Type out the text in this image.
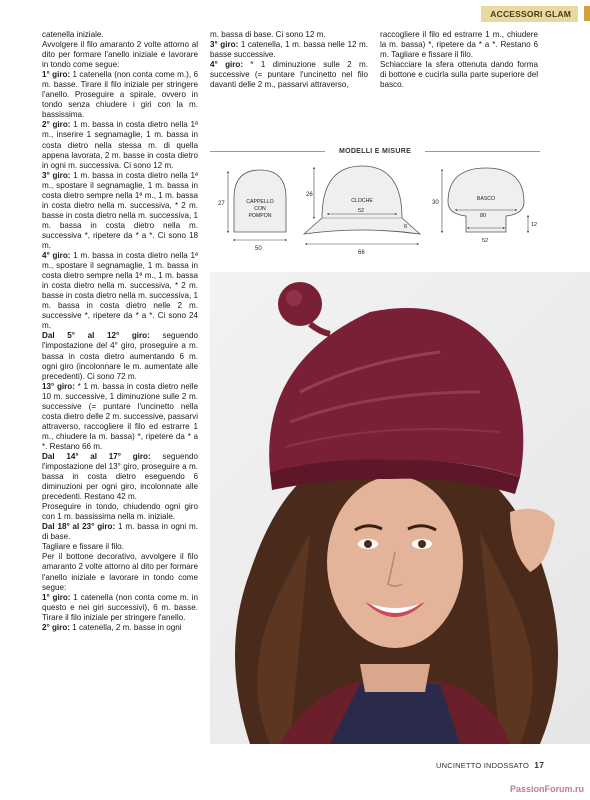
ACCESSORI GLAM

catenella iniziale.

Avvolgere il filo amaranto 2 volte attorno al dito per formare l'anello iniziale e lavorare in tondo come segue:

1° giro: 1 catenella (non conta come m.), 6 m. basse. Tirare il filo iniziale per stringere l'anello. Proseguire a spirale, ovvero in tondo senza chiudere i giri con la m. bassissima.

2° giro: 1 m. bassa in costa dietro nella 1ª m., inserire 1 segnamaglie, 1 m. bassa in costa dietro nella stessa m. di quella appena lavorata, 2 m. basse in costa dietro in ogni m. successiva. Ci sono 12 m.

3° giro: 1 m. bassa in costa dietro nella 1ª m., spostare il segnamaglie, 1 m. bassa in costa dietro sempre nella 1ª m., 1 m. bassa in costa dietro nella m. successiva, * 2 m. basse in costa dietro nella m. successiva, 1 m. bassa in costa dietro nella m. successiva *, ripetere da * a *. Ci sono 18 m.

4° giro: 1 m. bassa in costa dietro nella 1ª m., spostare il segnamaglie, 1 m. bassa in costa dietro sempre nella 1ª m., 1 m. bassa in costa dietro nella m. successiva, * 2 m. basse in costa dietro nella m. successiva, 1 m. bassa in costa dietro nelle 2 m. successive *, ripetere da * a *. Ci sono 24 m.

Dal 5° al 12° giro: seguendo l'impostazione del 4° giro, proseguire a m. bassa in costa dietro aumentando 6 m. ogni giro (incolonnare le m. aumentate alle precedenti). Ci sono 72 m.

13° giro: * 1 m. bassa in costa dietro nelle 10 m. successive, 1 diminuzione sulle 2 m. successive (= puntare l'uncinetto nella costa dietro delle 2 m. successive, passarvi attraverso, raccogliere il filo ed estrarre 1 m., chiudere la m. bassa) *, ripetere da * a *. Restano 66 m.

Dal 14° al 17° giro: seguendo l'impostazione del 13° giro, proseguire a m. bassa in costa dietro eseguendo 6 diminuzioni per ogni giro, incolonnate alle precedenti. Restano 42 m.

Proseguire in tondo, chiudendo ogni giro con 1 m. bassissima nella m. iniziale.

Dal 18° al 23° giro: 1 m. bassa in ogni m. di base.

Tagliare e fissare il filo.

Per il bottone decorativo, avvolgere il filo amaranto 2 volte attorno al dito per formare l'anello iniziale e lavorare in tondo come segue:

1° giro: 1 catenella (non conta come m. in questo e nei giri successivi), 6 m. basse. Tirare il filo iniziale per stringere l'anello.

2° giro: 1 catenella, 2 m. basse in ogni

m. bassa di base. Ci sono 12 m.

3° giro: 1 catenella, 1 m. bassa nelle 12 m. basse successive.

4° giro: * 1 diminuzione sulle 2 m. successive (= puntare l'uncinetto nel filo davanti delle 2 m., passarvi attraverso,

raccogliere il filo ed estrarre 1 m., chiudere la m. bassa) *, ripetere da * a *. Restano 6 m. Tagliare e fissare il filo.

Schiacciare la sfera ottenuta dando forma di bottone e cucirla sulla parte superiore del basco.

MODELLI E MISURE
27
50
CAPPELLO
CON
POMPON
26
CLOCHE
52
6
66
30
BASCO
80
52
12
UNCINETTO INDOSSATO 17
PassionForum.ru
